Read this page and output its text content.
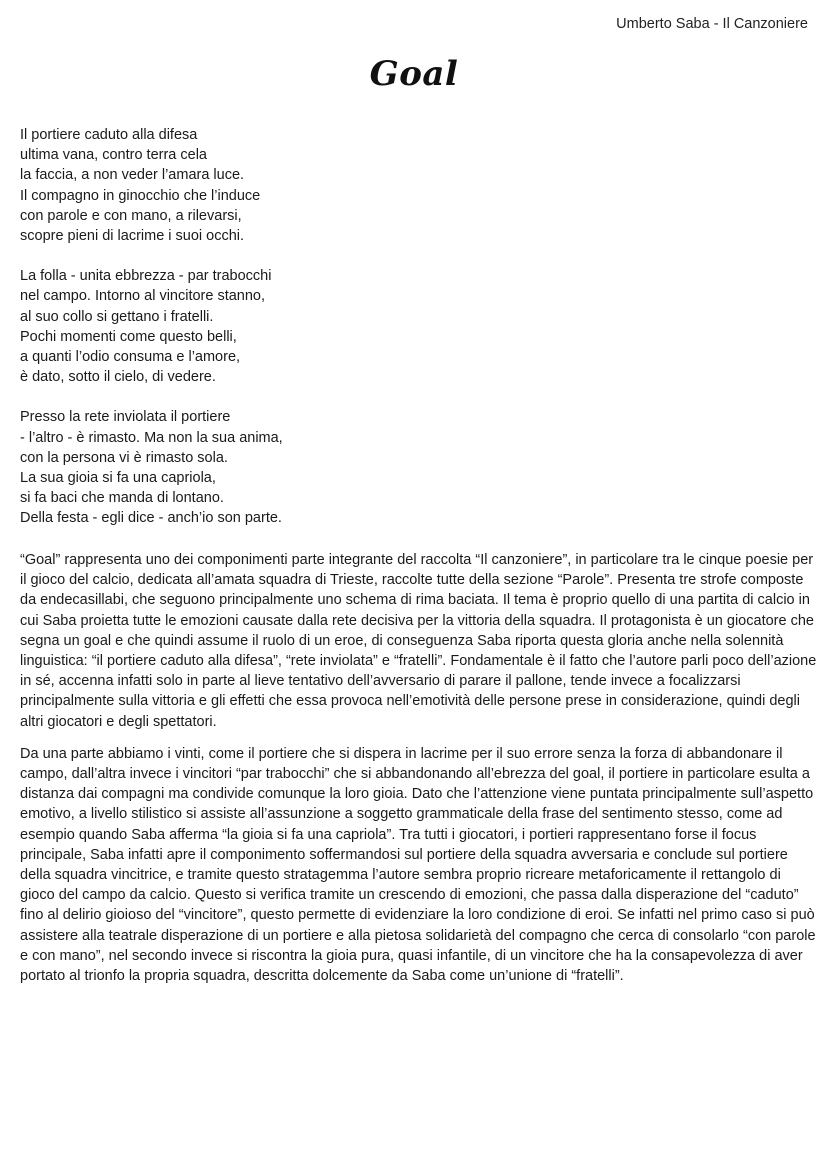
Umberto Saba - Il Canzoniere
Goal
Il portiere caduto alla difesa
ultima vana, contro terra cela
la faccia, a non veder l’amara luce.
Il compagno in ginocchio che l’induce
con parole e con mano, a rilevarsi,
scopre pieni di lacrime i suoi occhi.
La folla - unita ebbrezza - par trabocchi
nel campo. Intorno al vincitore stanno,
al suo collo si gettano i fratelli.
Pochi momenti come questo belli,
a quanti l’odio consuma e l’amore,
è dato, sotto il cielo, di vedere.
Presso la rete inviolata il portiere
- l’altro - è rimasto. Ma non la sua anima,
con la persona vi è rimasto sola.
La sua gioia si fa una capriola,
si fa baci che manda di lontano.
Della festa - egli dice - anch’io son parte.
“Goal” rappresenta uno dei componimenti parte integrante del raccolta “Il canzoniere”, in particolare tra le cinque poesie per il gioco del calcio, dedicata all’amata squadra di Trieste, raccolte tutte della sezione “Parole”. Presenta tre strofe composte da endecasillabi, che seguono principalmente uno schema di rima baciata. Il tema è proprio quello di una partita di calcio in cui Saba proietta tutte le emozioni causate dalla rete decisiva per la vittoria della squadra. Il protagonista è un giocatore che segna un goal e che quindi assume il ruolo di un eroe, di conseguenza Saba riporta questa gloria anche nella solennità linguistica: “il portiere caduto alla difesa”, “rete inviolata” e “fratelli”. Fondamentale è il fatto che l’autore parli poco dell’azione in sé, accenna infatti solo in parte al lieve tentativo dell’avversario di parare il pallone, tende invece a focalizzarsi principalmente sulla vittoria e gli effetti che essa provoca nell’emotività delle persone prese in considerazione, quindi degli altri giocatori e degli spettatori.
Da una parte abbiamo i vinti, come il portiere che si dispera in lacrime per il suo errore senza la forza di abbandonare il campo, dall’altra invece i vincitori “par trabocchi” che si abbandonando all’ebrezza del goal, il portiere in particolare esulta a distanza dai compagni ma condivide comunque la loro gioia. Dato che l’attenzione viene puntata principalmente sull’aspetto emotivo, a livello stilistico si assiste all’assunzione a soggetto grammaticale della frase del sentimento stesso, come ad esempio quando Saba afferma “la gioia si fa una capriola”. Tra tutti i giocatori, i portieri rappresentano forse il focus principale, Saba infatti apre il componimento soffermandosi sul portiere della squadra avversaria e conclude sul portiere della squadra vincitrice, e tramite questo stratagemma l’autore sembra proprio ricreare metaforicamente il rettangolo di gioco del campo da calcio. Questo si verifica tramite un crescendo di emozioni, che passa dalla disperazione del “caduto” fino al delirio gioioso del “vincitore”, questo permette di evidenziare la loro condizione di eroi. Se infatti nel primo caso si può assistere alla teatrale disperazione di un portiere e alla pietosa solidarietà del compagno che cerca di consolarlo “con parole e con mano”, nel secondo invece si riscontra la gioia pura, quasi infantile, di un vincitore che ha la consapevolezza di aver portato al trionfo la propria squadra, descritta dolcemente da Saba come un’unione di “fratelli”.
